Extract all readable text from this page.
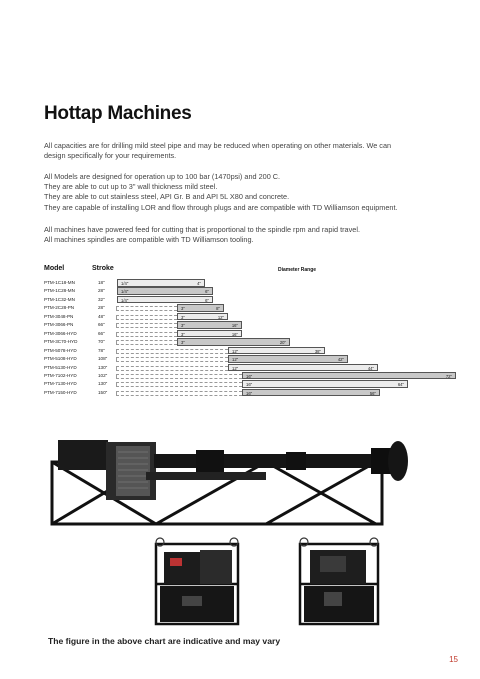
Hottap Machines
All capacities are for drilling mild steel pipe and may be reduced when operating on other materials. We can
design specifically for your requirements.
All Models are designed for operation up to 100 bar (1470psi) and 200 C.
They are able to cut up to 3" wall thickness mild steel.
They are able to cut stainless steel, API Gr. B and API 5L X80 and concrete.
They are capable of installing LOR and flow through plugs and are compatible with TD Williamson equipment.
All machines have powered feed for cutting that is proportional to the spindle rpm and rapid travel.
All machines spindles are compatible with TD Williamson tooling.
Model	Stroke	Diameter Range
PTM-1C18-MN	18"	1/4"	4"
PTM-1C28-MN	28"	1/4"	6"
PTM-1C32-MN	32"	1/4"	6"
PTM-2C28-PN	28"	3"	8"
PTM-3048-PN	48"	3"	12"
PTM-3066-PN	66"	3"	16"
PTM-3066-HYD	66"	3"	16"
PTM-3C70-HYD	70"	3"	20"
PTM-5078-HYD	78"	12"	38"
PTM-5108-HYD	108"	12"	42"
PTM-5130-HYD	130"	12"	44"
PTM-7102-HYD	102"	16"	72"
PTM-7130-HYD	130"	16"	64"
PTM-7150-HYD	150"	16"	56"
The figure in the above chart are indicative and may vary
15
